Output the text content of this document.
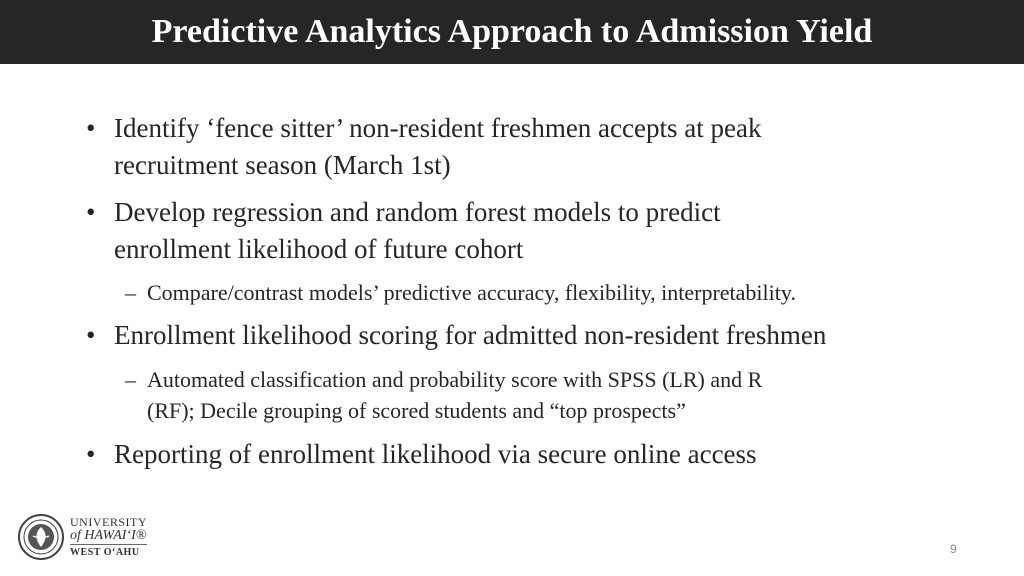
Predictive Analytics Approach to Admission Yield
• Identify ‘fence sitter’ non-resident freshmen accepts at peak
recruitment season (March 1st)
• Develop regression and random forest models to predict
enrollment likelihood of future cohort
– Compare/contrast models’ predictive accuracy, flexibility, interpretability.
• Enrollment likelihood scoring for admitted non-resident freshmen
– Automated classification and probability score with SPSS (LR) and R
(RF); Decile grouping of scored students and “top prospects”
• Reporting of enrollment likelihood via secure online access
UNIVERSITY
of HAWAI‘I®
WEST O‘AHU	9
